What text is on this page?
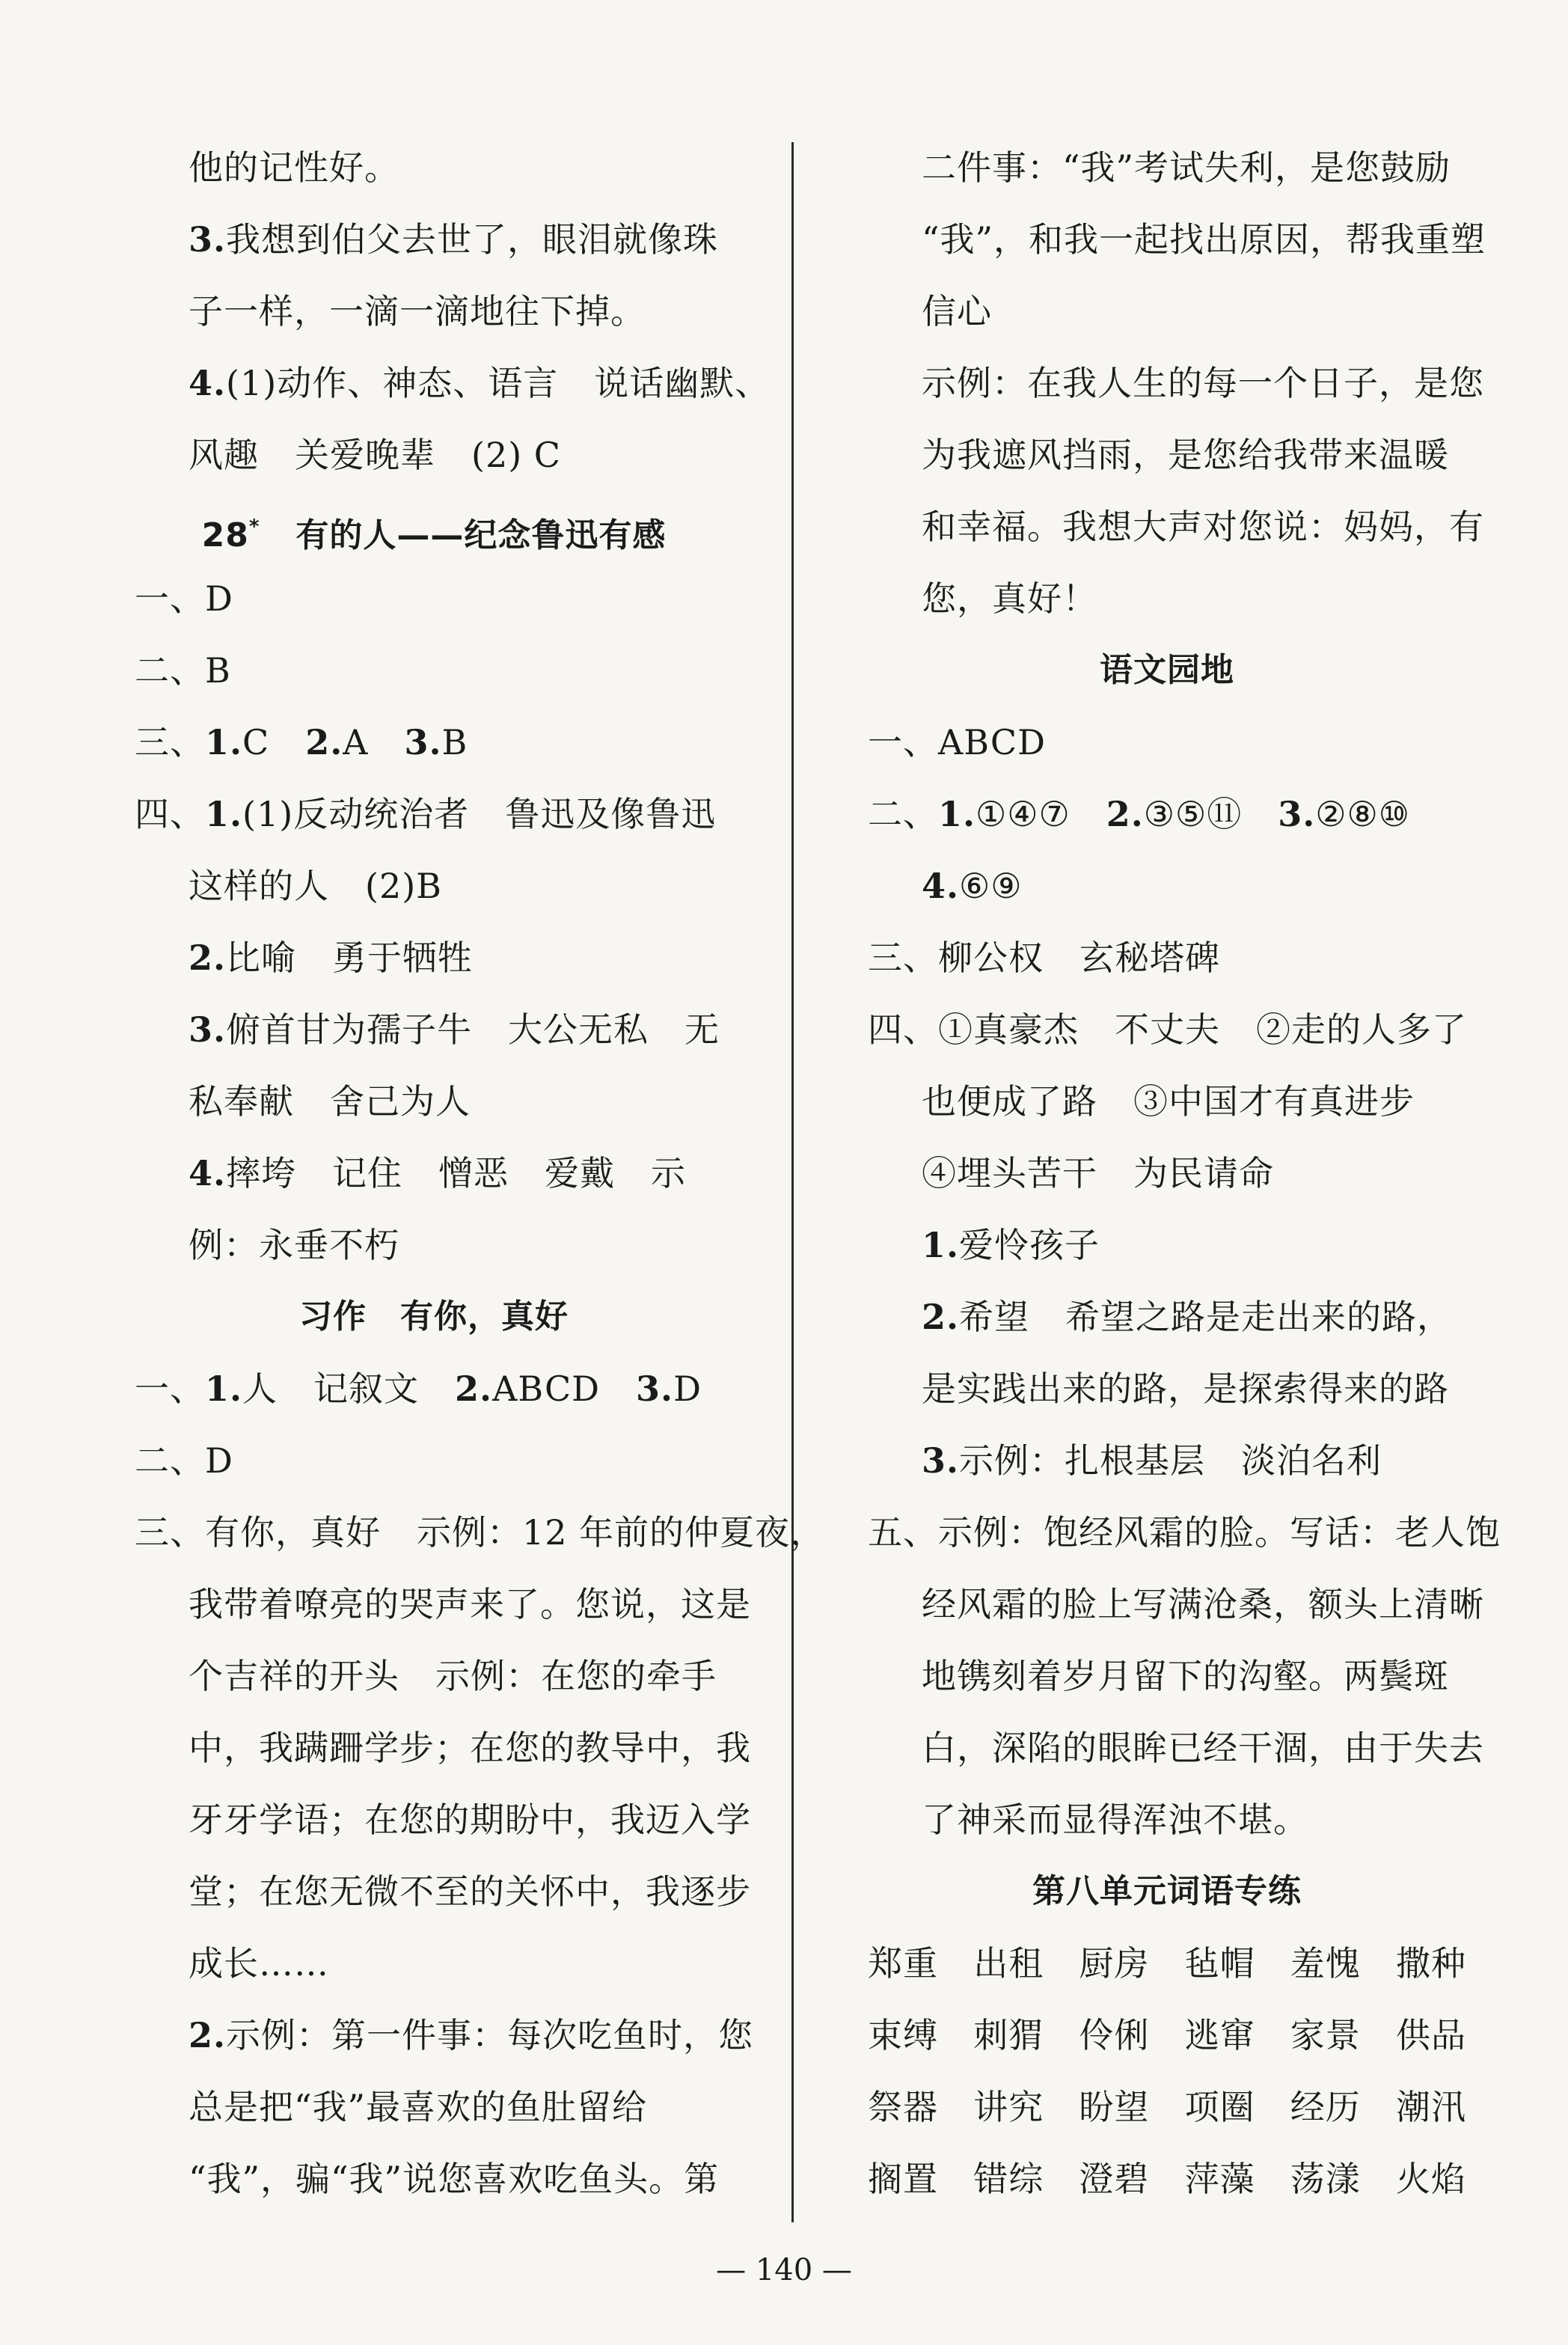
他的记性好。
3.我想到伯父去世了，眼泪就像珠
子一样，一滴一滴地往下掉。
4.(1)动作、神态、语言 说话幽默、
风趣 关爱晚辈 (2) C
28* 有的人——纪念鲁迅有感
一、D
二、B
三、1.C 2.A 3.B
四、1.(1)反动统治者 鲁迅及像鲁迅
这样的人 (2)B
2.比喻 勇于牺牲
3.俯首甘为孺子牛 大公无私 无
私奉献 舍己为人
4.摔垮 记住 憎恶 爱戴 示
例：永垂不朽
习作　有你，真好
一、1.人 记叙文 2.ABCD 3.D
二、D
三、有你，真好 示例：12 年前的仲夏夜，
我带着嘹亮的哭声来了。您说，这是
个吉祥的开头 示例：在您的牵手
中，我蹒跚学步；在您的教导中，我
牙牙学语；在您的期盼中，我迈入学
堂；在您无微不至的关怀中，我逐步
成长……
2.示例：第一件事：每次吃鱼时，您
总是把“我”最喜欢的鱼肚留给
“我”，骗“我”说您喜欢吃鱼头。第
二件事：“我”考试失利，是您鼓励
“我”，和我一起找出原因，帮我重塑
信心
示例：在我人生的每一个日子，是您
为我遮风挡雨，是您给我带来温暖
和幸福。我想大声对您说：妈妈，有
您，真好！
语文园地
一、ABCD
二、1.①④⑦ 2.③⑤⑪ 3.②⑧⑩
4.⑥⑨
三、柳公权 玄秘塔碑
四、①真豪杰 不丈夫 ②走的人多了
也便成了路 ③中国才有真进步
④埋头苦干 为民请命
1.爱怜孩子
2.希望 希望之路是走出来的路，
是实践出来的路，是探索得来的路
3.示例：扎根基层 淡泊名利
五、示例：饱经风霜的脸。写话：老人饱
经风霜的脸上写满沧桑，额头上清晰
地镌刻着岁月留下的沟壑。两鬓斑
白，深陷的眼眸已经干涸，由于失去
了神采而显得浑浊不堪。
第八单元词语专练
郑重 出租 厨房 毡帽 羞愧 撒种
束缚 刺猬 伶俐 逃窜 家景 供品
祭器 讲究 盼望 项圈 经历 潮汛
搁置 错综 澄碧 萍藻 荡漾 火焰
— 140 —
